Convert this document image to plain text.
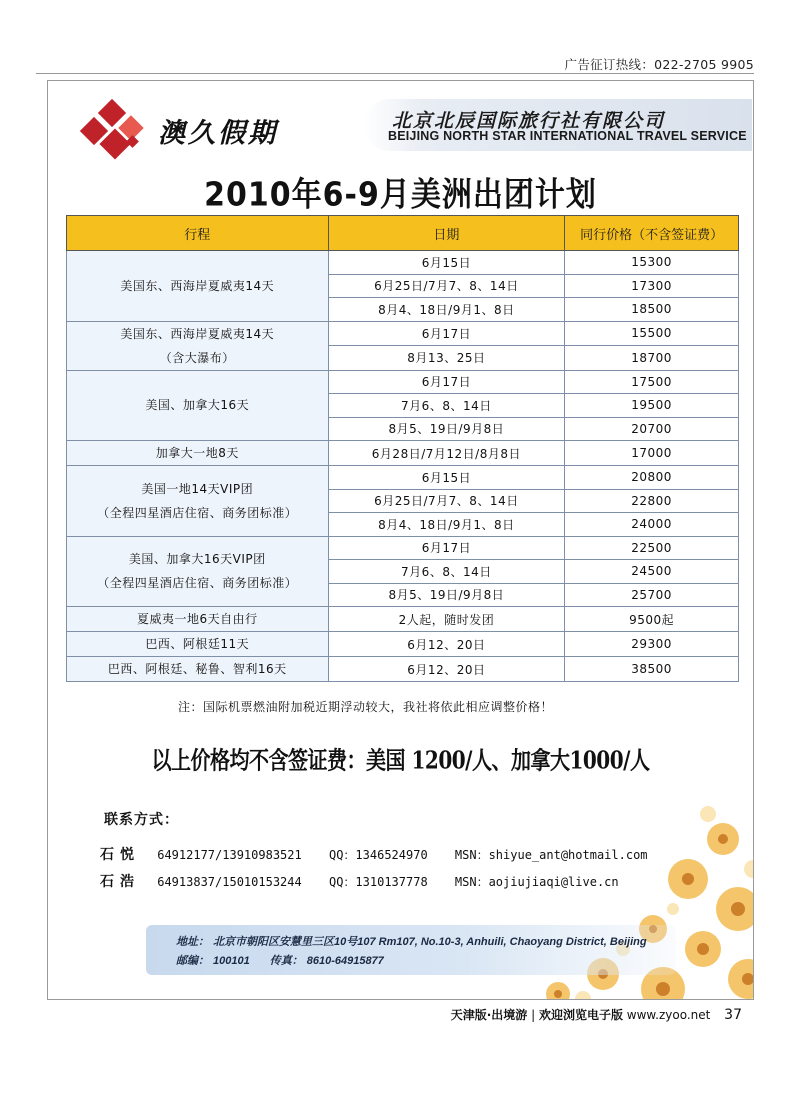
广告征订热线：022-2705 9905
澳久假期	北京北辰国际旅行社有限公司
BEIJING NORTH STAR INTERNATIONAL TRAVEL SERVICE
2010年6-9月美洲出团计划
行程	日期	同行价格（不含签证费）

美国东、西海岸夏威夷14天	6月15日	15300
	6月25日/7月7、8、14日	17300
	8月4、18日/9月1、8日	18500

美国东、西海岸夏威夷14天
（含大瀑布）	6月17日	15500
	8月13、25日	18700

美国、加拿大16天	6月17日	17500
	7月6、8、14日	19500
	8月5、19日/9月8日	20700

加拿大一地8天	6月28日/7月12日/8月8日	17000

美国一地14天VIP团
（全程四星酒店住宿、商务团标准）	6月15日	20800
	6月25日/7月7、8、14日	22800
	8月4、18日/9月1、8日	24000

美国、加拿大16天VIP团
（全程四星酒店住宿、商务团标准）	6月17日	22500
	7月6、8、14日	24500
	8月5、19日/9月8日	25700

夏威夷一地6天自由行	2人起，随时发团	9500起

巴西、阿根廷11天	6月12、20日	29300

巴西、阿根廷、秘鲁、智利16天	6月12、20日	38500
注：国际机票燃油附加税近期浮动较大，我社将依此相应调整价格！
以上价格均不含签证费：美国 1200/人、加拿大1000/人
联系方式：
石悦 64912177/13910983521 QQ：1346524970 MSN：shiyue_ant@hotmail.com
石浩 64913837/15010153244 QQ：1310137778 MSN：aojiujiaqi@live.cn
地址： 北京市朝阳区安慧里三区10号107 Rm107, No.10-3, Anhuili, Chaoyang District, Beijing
邮编： 100101 传真： 8610-64915877
天津版·出境游 | 欢迎浏览电子版 www.zyoo.net 37
